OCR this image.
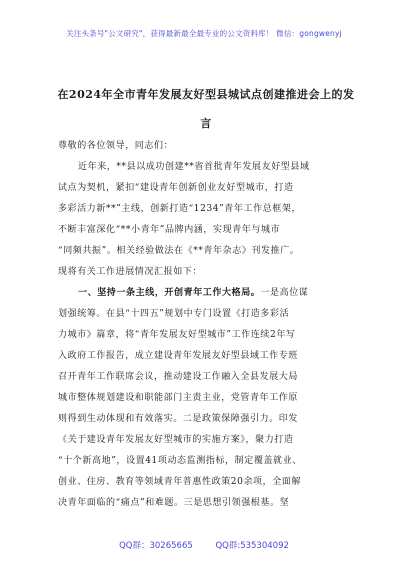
关注头条号"公文研究"，获得最新最全最专业的公文资料库！ 微信：gongwenyj
在2024年全市青年发展友好型县城试点创建推进会上的发
言
尊敬的各位领导，同志们：
近年来，**县以成功创建**省首批青年发展友好型县域
试点为契机，紧扣“建设青年创新创业友好型城市，打造
多彩活力新**”主线，创新打造“1234”青年工作总框架，
不断丰富深化“**小青年”品牌内涵，实现青年与城市
“同频共振”。相关经验做法在《**青年杂志》刊发推广。
现将有关工作进展情况汇报如下：
一、坚持一条主线，开创青年工作大格局。一是高位谋
划强统筹。在县“十四五”规划中专门设置《打造多彩活
力城市》篇章，将“青年发展友好型城市”工作连续2年写
入政府工作报告，成立建设青年发展友好型县域工作专班
召开青年工作联席会议，推动建设工作融入全县发展大局
城市整体规划建设和职能部门主责主业，党管青年工作原
则得到生动体现和有效落实。二是政策保障强引力。印发
《关于建设青年发展友好型城市的实施方案》，聚力打造
“十个新高地”，设置41项动态监测指标，制定覆盖就业、
创业、住房、教育等领域青年普惠性政策20余项，全面解
决青年面临的“痛点”和难题。三是思想引领强根基。坚
QQ群：30265665	QQ群:535304092
